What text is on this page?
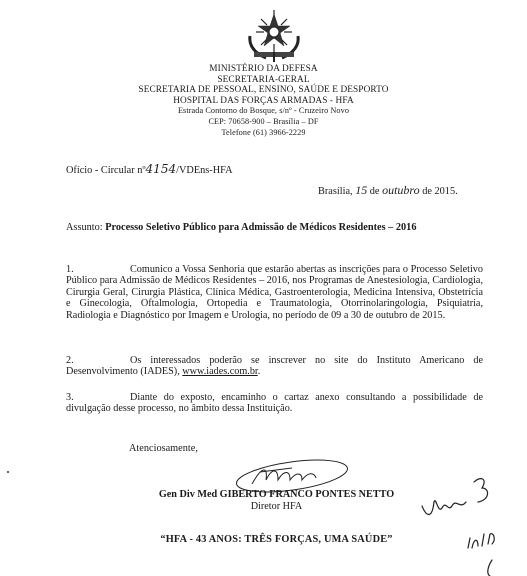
MINISTÉRIO DA DEFESA
SECRETARIA-GERAL
SECRETARIA DE PESSOAL, ENSINO, SAÚDE E DESPORTO
HOSPITAL DAS FORÇAS ARMADAS - HFA
Estrada Contorno do Bosque, s/nº - Cruzeiro Novo
CEP: 70658-900 – Brasília – DF
Telefone (61) 3966-2229
Ofício - Circular nº4154/VDEns-HFA
Brasília, 15 de outubro de 2015.
Assunto: Processo Seletivo Público para Admissão de Médicos Residentes – 2016
1.	Comunico a Vossa Senhoria que estarão abertas as inscrições para o Processo Seletivo Público para Admissão de Médicos Residentes – 2016, nos Programas de Anestesiologia, Cardiologia, Cirurgia Geral, Cirurgia Plástica, Clínica Médica, Gastroenterologia, Medicina Intensiva, Obstetrícia e Ginecologia, Oftalmologia, Ortopedia e Traumatologia, Otorrinolaringologia, Psiquiatria, Radiologia e Diagnóstico por Imagem e Urologia, no período de 09 a 30 de outubro de 2015.
2.	Os interessados poderão se inscrever no site do Instituto Americano de Desenvolvimento (IADES), www.iades.com.br.
3.	Diante do exposto, encaminho o cartaz anexo consultando a possibilidade de divulgação desse processo, no âmbito dessa Instituição.
Atenciosamente,
Gen Div Med GIBERTO FRANCO PONTES NETTO
Diretor HFA
“HFA - 43 ANOS: TRÊS FORÇAS, UMA SAÚDE”
